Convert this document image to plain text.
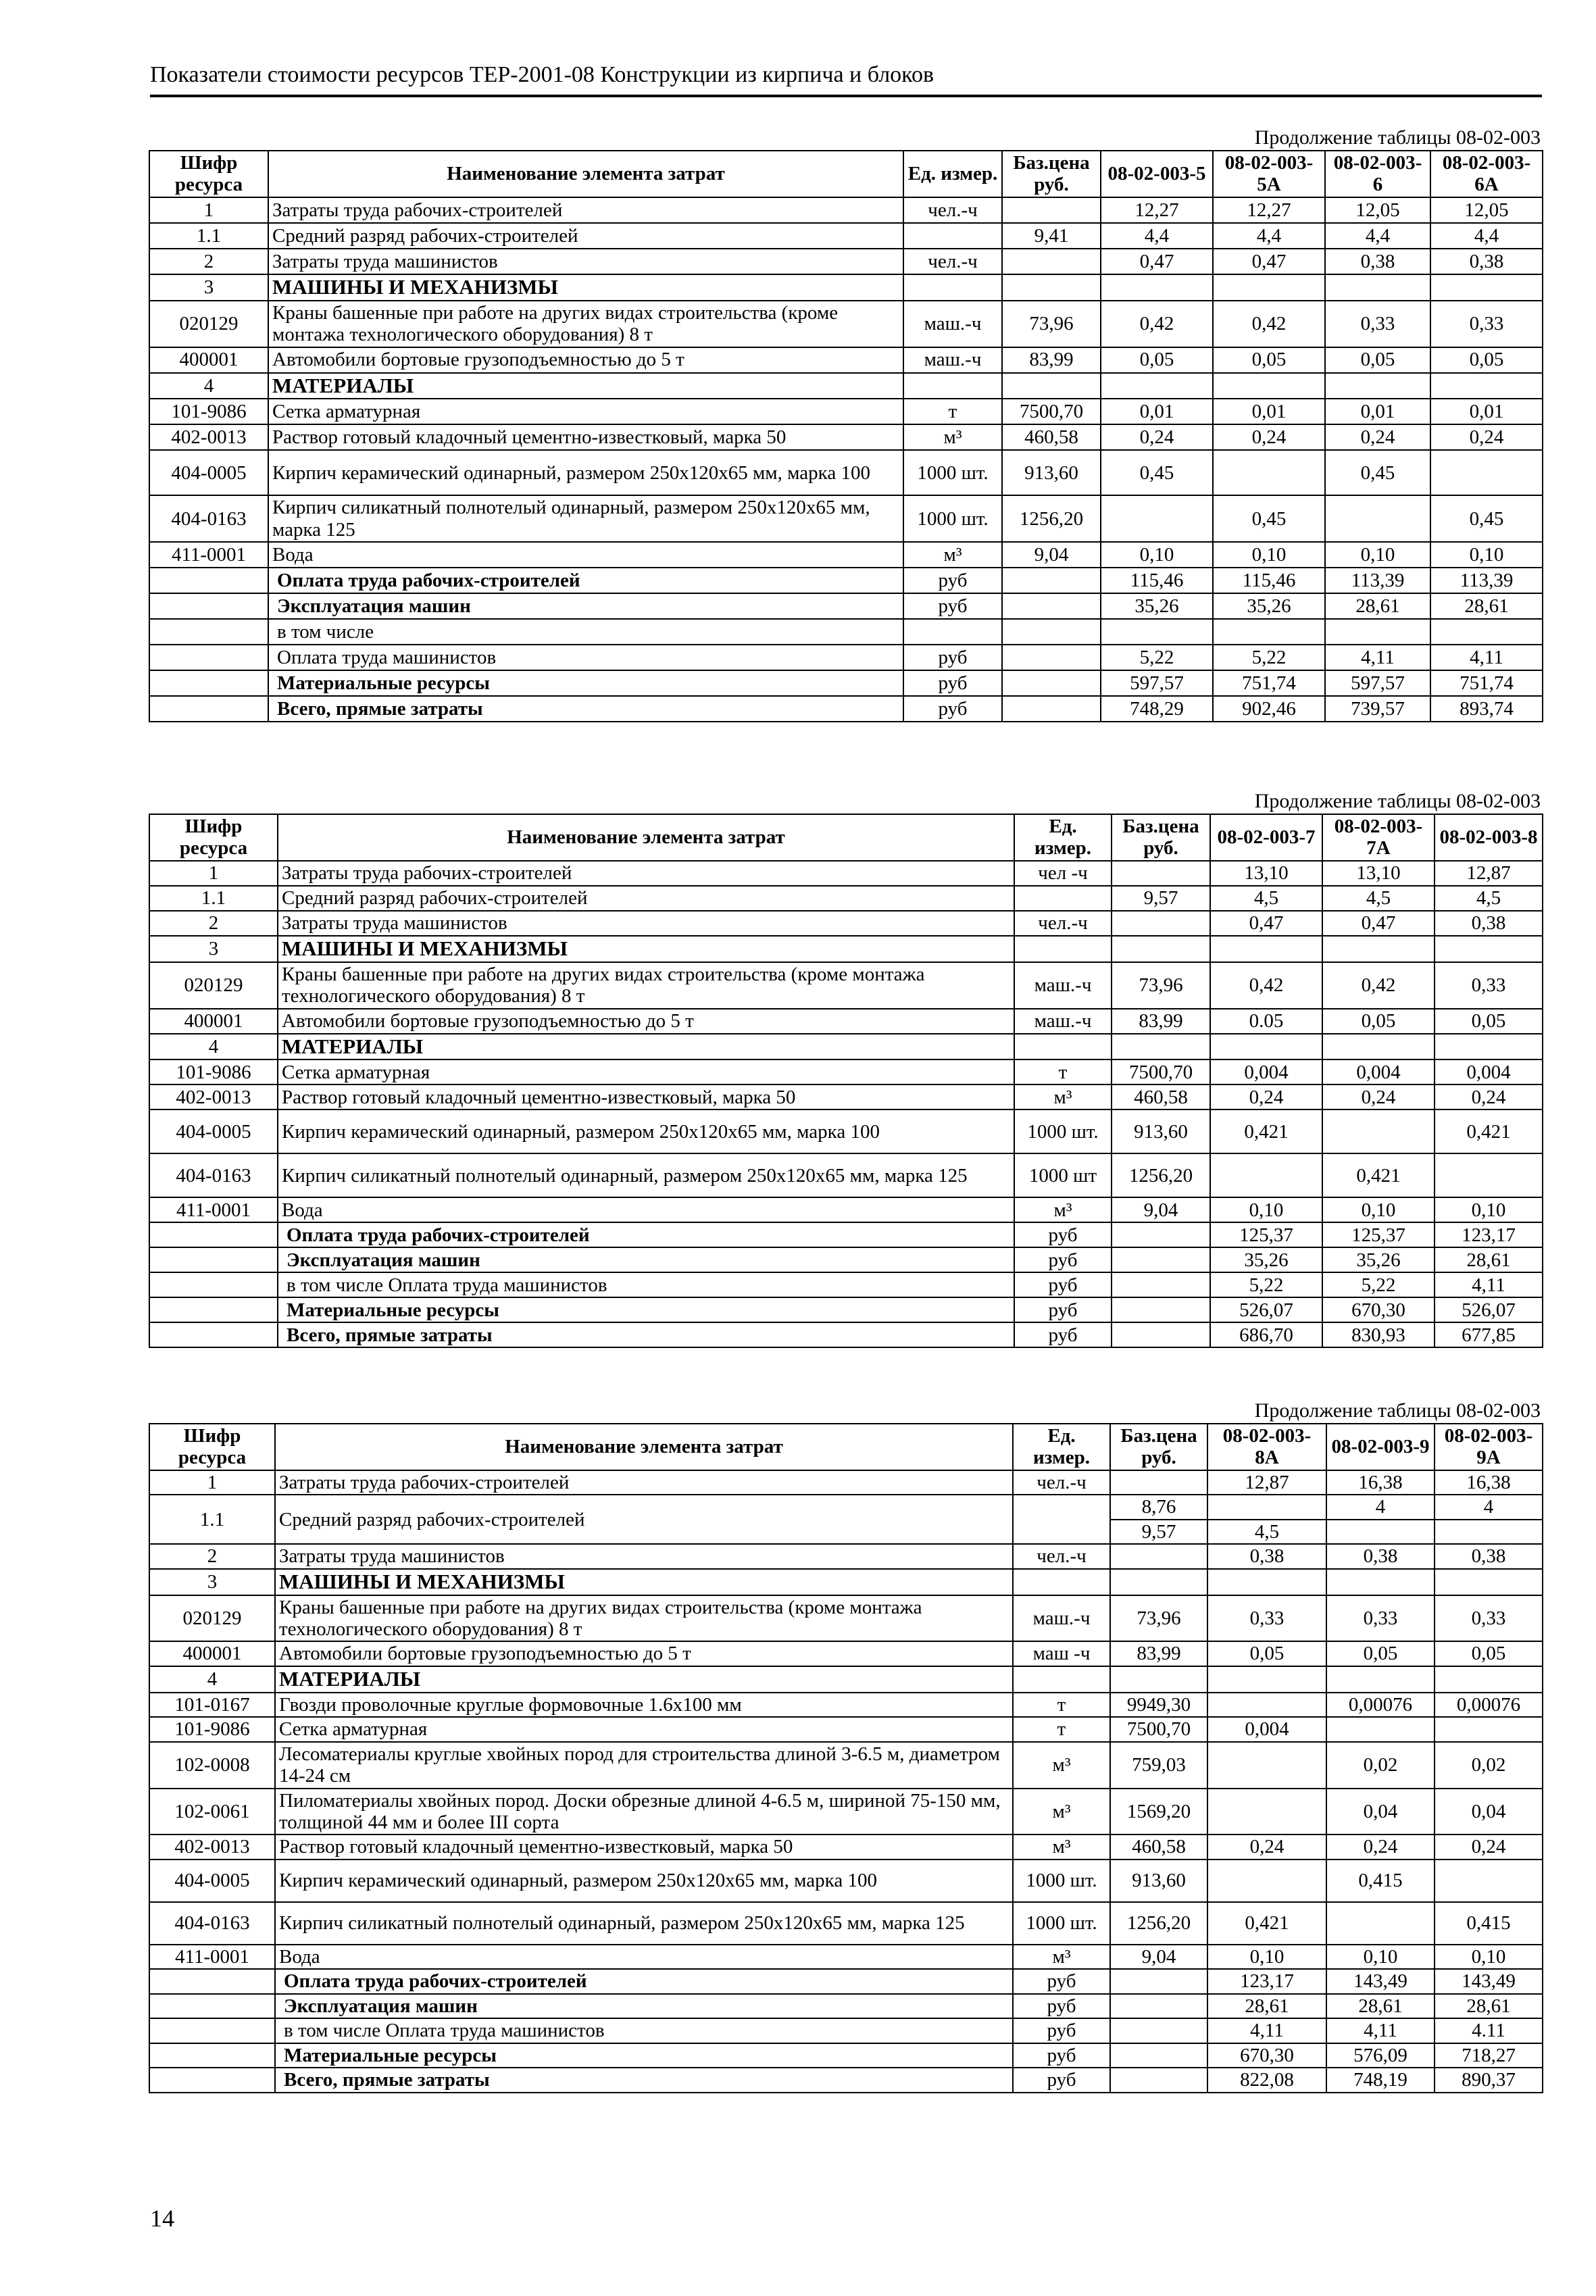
Показатели стоимости ресурсов ТЕР-2001-08 Конструкции из кирпича и блоков
Продолжение таблицы 08-02-003
Шифр ресурса	Наименование элемента затрат	Ед. измер.	Баз.цена руб.	08-02-003-5	08-02-003-5А	08-02-003-6	08-02-003-6А
1	Затраты труда рабочих-строителей	чел.-ч		12,27	12,27	12,05	12,05
1.1	Средний разряд рабочих-строителей		9,41	4,4	4,4	4,4	4,4
2	Затраты труда машинистов	чел.-ч		0,47	0,47	0,38	0,38
3	МАШИНЫ И МЕХАНИЗМЫ						
020129	Краны башенные при работе на других видах строительства (кроме монтажа технологического оборудования) 8 т	маш.-ч	73,96	0,42	0,42	0,33	0,33
400001	Автомобили бортовые грузоподъемностью до 5 т	маш.-ч	83,99	0,05	0,05	0,05	0,05
4	МАТЕРИАЛЫ						
101-9086	Сетка арматурная	т	7500,70	0,01	0,01	0,01	0,01
402-0013	Раствор готовый кладочный цементно-известковый, марка 50	м³	460,58	0,24	0,24	0,24	0,24
404-0005	Кирпич керамический одинарный, размером 250х120х65 мм, марка 100	1000 шт.	913,60	0,45		0,45	
404-0163	Кирпич силикатный полнотелый одинарный, размером 250х120х65 мм, марка 125	1000 шт.	1256,20		0,45		0,45
411-0001	Вода	м³	9,04	0,10	0,10	0,10	0,10
	Оплата труда рабочих-строителей	руб		115,46	115,46	113,39	113,39
	Эксплуатация машин	руб		35,26	35,26	28,61	28,61
	в том числе						
	Оплата труда машинистов	руб		5,22	5,22	4,11	4,11
	Материальные ресурсы	руб		597,57	751,74	597,57	751,74
	Всего, прямые затраты	руб		748,29	902,46	739,57	893,74
Продолжение таблицы 08-02-003
Шифр ресурса	Наименование элемента затрат	Ед. измер.	Баз.цена руб.	08-02-003-7	08-02-003-7А	08-02-003-8
1	Затраты труда рабочих-строителей	чел -ч		13,10	13,10	12,87
1.1	Средний разряд рабочих-строителей		9,57	4,5	4,5	4,5
2	Затраты труда машинистов	чел.-ч		0,47	0,47	0,38
3	МАШИНЫ И МЕХАНИЗМЫ					
020129	Краны башенные при работе на других видах строительства (кроме монтажа технологического оборудования) 8 т	маш.-ч	73,96	0,42	0,42	0,33
400001	Автомобили бортовые грузоподъемностью до 5 т	маш.-ч	83,99	0.05	0,05	0,05
4	МАТЕРИАЛЫ					
101-9086	Сетка арматурная	т	7500,70	0,004	0,004	0,004
402-0013	Раствор готовый кладочный цементно-известковый, марка 50	м³	460,58	0,24	0,24	0,24
404-0005	Кирпич керамический одинарный, размером 250х120х65 мм, марка 100	1000 шт.	913,60	0,421		0,421
404-0163	Кирпич силикатный полнотелый одинарный, размером 250х120х65 мм, марка 125	1000 шт	1256,20		0,421	
411-0001	Вода	м³	9,04	0,10	0,10	0,10
	Оплата труда рабочих-строителей	руб		125,37	125,37	123,17
	Эксплуатация машин	руб		35,26	35,26	28,61
	в том числе Оплата труда машинистов	руб		5,22	5,22	4,11
	Материальные ресурсы	руб		526,07	670,30	526,07
	Всего, прямые затраты	руб		686,70	830,93	677,85
Продолжение таблицы 08-02-003
Шифр ресурса	Наименование элемента затрат	Ед. измер.	Баз.цена руб.	08-02-003-8А	08-02-003-9	08-02-003-9А
1	Затраты труда рабочих-строителей	чел.-ч		12,87	16,38	16,38
1.1	Средний разряд рабочих-строителей		8,76		4	4
			9,57	4,5		
2	Затраты труда машинистов	чел.-ч		0,38	0,38	0,38
3	МАШИНЫ И МЕХАНИЗМЫ					
020129	Краны башенные при работе на других видах строительства (кроме монтажа технологического оборудования) 8 т	маш.-ч	73,96	0,33	0,33	0,33
400001	Автомобили бортовые грузоподъемностью до 5 т	маш -ч	83,99	0,05	0,05	0,05
4	МАТЕРИАЛЫ					
101-0167	Гвозди проволочные круглые формовочные 1.6х100 мм	т	9949,30		0,00076	0,00076
101-9086	Сетка арматурная	т	7500,70	0,004		
102-0008	Лесоматериалы круглые хвойных пород для строительства длиной 3-6.5 м, диаметром 14-24 см	м³	759,03		0,02	0,02
102-0061	Пиломатериалы хвойных пород. Доски обрезные длиной 4-6.5 м, шириной 75-150 мм, толщиной 44 мм и более III сорта	м³	1569,20		0,04	0,04
402-0013	Раствор готовый кладочный цементно-известковый, марка 50	м³	460,58	0,24	0,24	0,24
404-0005	Кирпич керамический одинарный, размером 250х120х65 мм, марка 100	1000 шт.	913,60		0,415	
404-0163	Кирпич силикатный полнотелый одинарный, размером 250х120х65 мм, марка 125	1000 шт.	1256,20	0,421		0,415
411-0001	Вода	м³	9,04	0,10	0,10	0,10
	Оплата труда рабочих-строителей	руб		123,17	143,49	143,49
	Эксплуатация машин	руб		28,61	28,61	28,61
	в том числе Оплата труда машинистов	руб		4,11	4,11	4.11
	Материальные ресурсы	руб		670,30	576,09	718,27
	Всего, прямые затраты	руб		822,08	748,19	890,37
14
